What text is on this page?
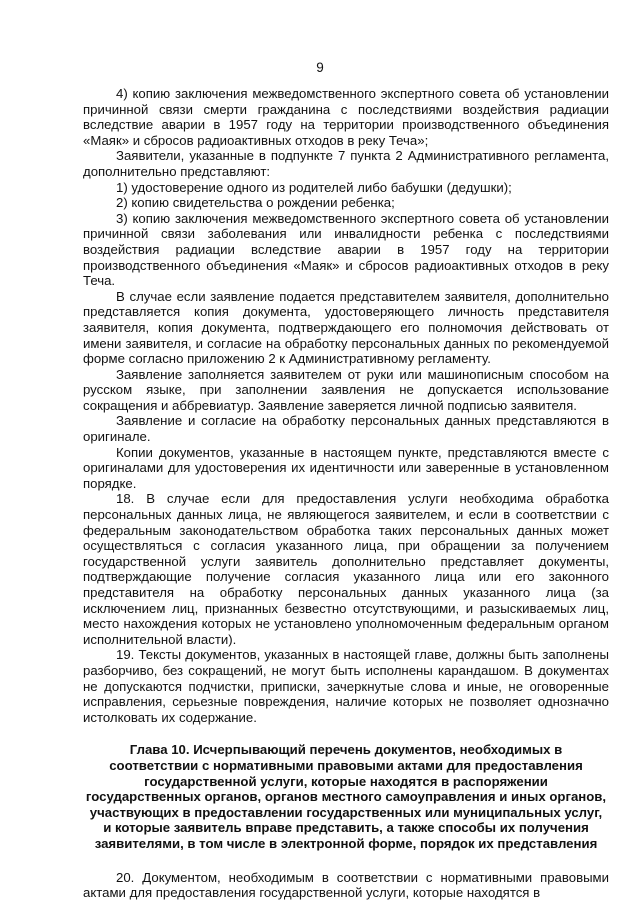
9

4) копию заключения межведомственного экспертного совета об установлении причинной связи смерти гражданина с последствиями воздействия радиации вследствие аварии в 1957 году на территории производственного объединения «Маяк» и сбросов радиоактивных отходов в реку Теча»;

Заявители, указанные в подпункте 7 пункта 2 Административного регламента, дополнительно представляют:

1) удостоверение одного из родителей либо бабушки (дедушки);

2) копию свидетельства о рождении ребенка;

3) копию заключения межведомственного экспертного совета об установлении причинной связи заболевания или инвалидности ребенка с последствиями воздействия радиации вследствие аварии в 1957 году на территории производственного объединения «Маяк» и сбросов радиоактивных отходов в реку Теча.

В случае если заявление подается представителем заявителя, дополнительно представляется копия документа, удостоверяющего личность представителя заявителя, копия документа, подтверждающего его полномочия действовать от имени заявителя, и согласие на обработку персональных данных по рекомендуемой форме согласно приложению 2 к Административному регламенту.

Заявление заполняется заявителем от руки или машинописным способом на русском языке, при заполнении заявления не допускается использование сокращения и аббревиатур. Заявление заверяется личной подписью заявителя.

Заявление и согласие на обработку персональных данных представляются в оригинале.

Копии документов, указанные в настоящем пункте, представляются вместе с оригиналами для удостоверения их идентичности или заверенные в установленном порядке.

18. В случае если для предоставления услуги необходима обработка персональных данных лица, не являющегося заявителем, и если в соответствии с федеральным законодательством обработка таких персональных данных может осуществляться с согласия указанного лица, при обращении за получением государственной услуги заявитель дополнительно представляет документы, подтверждающие получение согласия указанного лица или его законного представителя на обработку персональных данных указанного лица (за исключением лиц, признанных безвестно отсутствующими, и разыскиваемых лиц, место нахождения которых не установлено уполномоченным федеральным органом исполнительной власти).

19. Тексты документов, указанных в настоящей главе, должны быть заполнены разборчиво, без сокращений, не могут быть исполнены карандашом. В документах не допускаются подчистки, приписки, зачеркнутые слова и иные, не оговоренные исправления, серьезные повреждения, наличие которых не позволяет однозначно истолковать их содержание.

Глава 10. Исчерпывающий перечень документов, необходимых в соответствии с нормативными правовыми актами для предоставления государственной услуги, которые находятся в распоряжении государственных органов, органов местного самоуправления и иных органов, участвующих в предоставлении государственных или муниципальных услуг, и которые заявитель вправе представить, а также способы их получения заявителями, в том числе в электронной форме, порядок их представления

20. Документом, необходимым в соответствии с нормативными правовыми актами для предоставления государственной услуги, которые находятся в
